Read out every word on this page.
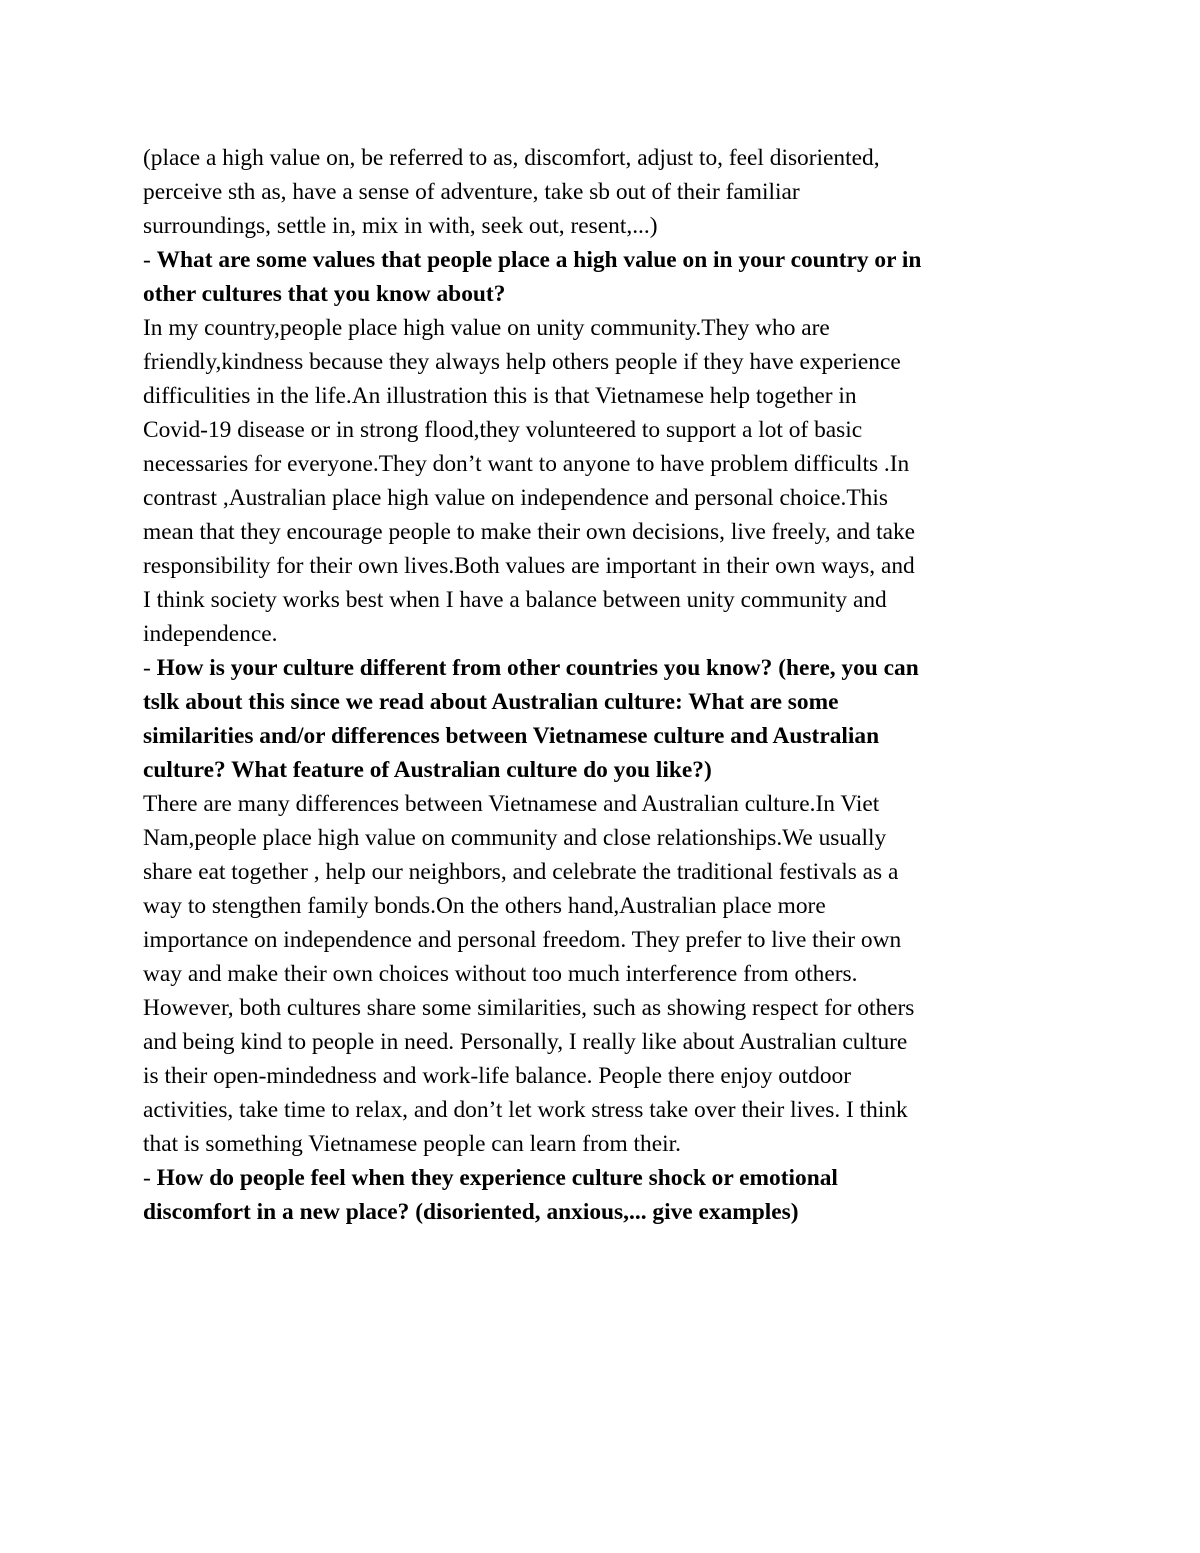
(place a high value on, be referred to as, discomfort, adjust to, feel disoriented,
perceive sth as, have a sense of adventure, take sb out of their familiar
surroundings, settle in, mix in with, seek out, resent,...)

- What are some values that people place a high value on in your country or in
other cultures that you know about?

In my country,people place high value on unity community.They who are
friendly,kindness because they always help others people if they have experience
difficulities in the life.An illustration this is that Vietnamese help together in
Covid-19 disease or in strong flood,they volunteered to support a lot of basic
necessaries for everyone.They don’t want to anyone to have problem difficults .In
contrast ,Australian place high value on independence and personal choice.This
mean that they encourage people to make their own decisions, live freely, and take
responsibility for their own lives.Both values are important in their own ways, and
I think society works best when I have a balance between unity community and
independence.

- How is your culture different from other countries you know? (here, you can
tslk about this since we read about Australian culture: What are some
similarities and/or differences between Vietnamese culture and Australian
culture? What feature of Australian culture do you like?)

There are many differences between Vietnamese and Australian culture.In Viet
Nam,people place high value on community and close relationships.We usually
share eat together , help our neighbors, and celebrate the traditional festivals as a
way to stengthen family bonds.On the others hand,Australian place more
importance on independence and personal freedom. They prefer to live their own
way and make their own choices without too much interference from others.
However, both cultures share some similarities, such as showing respect for others
and being kind to people in need. Personally, I really like about Australian culture
is their open-mindedness and work-life balance. People there enjoy outdoor
activities, take time to relax, and don’t let work stress take over their lives. I think
that is something Vietnamese people can learn from their.

- How do people feel when they experience culture shock or emotional
discomfort in a new place? (disoriented, anxious,... give examples)
